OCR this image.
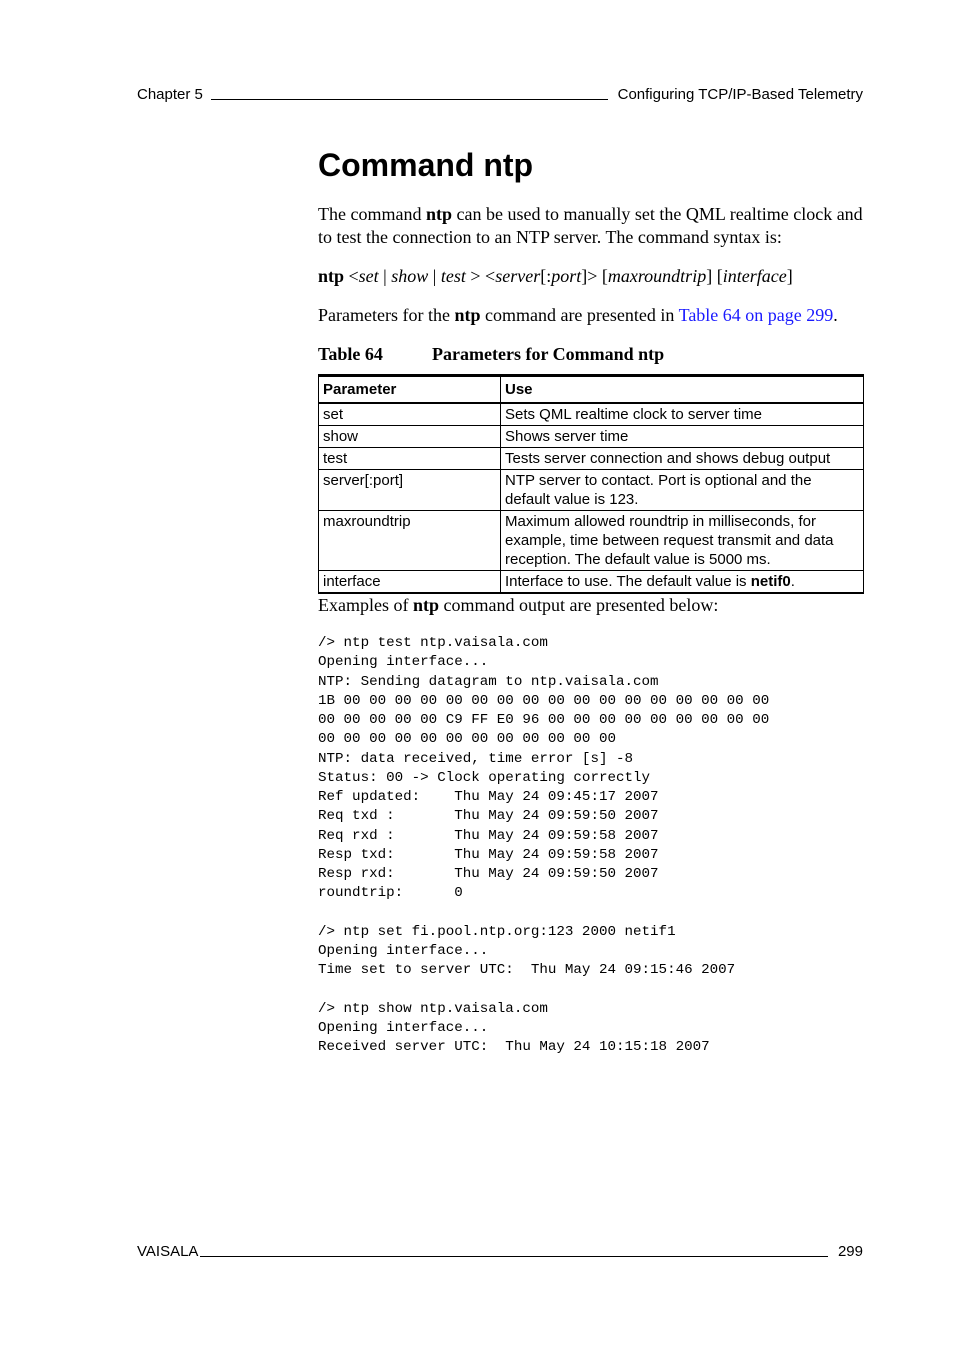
Chapter 5	Configuring TCP/IP-Based Telemetry
Command ntp

The command ntp can be used to manually set the QML realtime clock and to test the connection to an NTP server. The command syntax is:

ntp <set | show | test > <server[:port]> [maxroundtrip] [interface]

Parameters for the ntp command are presented in Table 64 on page 299.

Table 64	Parameters for Command ntp
Parameter	Use
set	Sets QML realtime clock to server time
show	Shows server time
test	Tests server connection and shows debug output
server[:port]	NTP server to contact. Port is optional and the default value is 123.
maxroundtrip	Maximum allowed roundtrip in milliseconds, for example, time between request transmit and data reception. The default value is 5000 ms.
interface	Interface to use. The default value is netif0.

Examples of ntp command output are presented below:

/> ntp test ntp.vaisala.com
Opening interface...
NTP: Sending datagram to ntp.vaisala.com
1B 00 00 00 00 00 00 00 00 00 00 00 00 00 00 00 00 00
00 00 00 00 00 C9 FF E0 96 00 00 00 00 00 00 00 00 00
00 00 00 00 00 00 00 00 00 00 00 00
NTP: data received, time error [s] -8
Status: 00 -> Clock operating correctly
Ref updated:    Thu May 24 09:45:17 2007
Req txd :       Thu May 24 09:59:50 2007
Req rxd :       Thu May 24 09:59:58 2007
Resp txd:       Thu May 24 09:59:58 2007
Resp rxd:       Thu May 24 09:59:50 2007
roundtrip:      0

/> ntp set fi.pool.ntp.org:123 2000 netif1
Opening interface...
Time set to server UTC:  Thu May 24 09:15:46 2007

/> ntp show ntp.vaisala.com
Opening interface...
Received server UTC:  Thu May 24 10:15:18 2007
VAISALA	299
